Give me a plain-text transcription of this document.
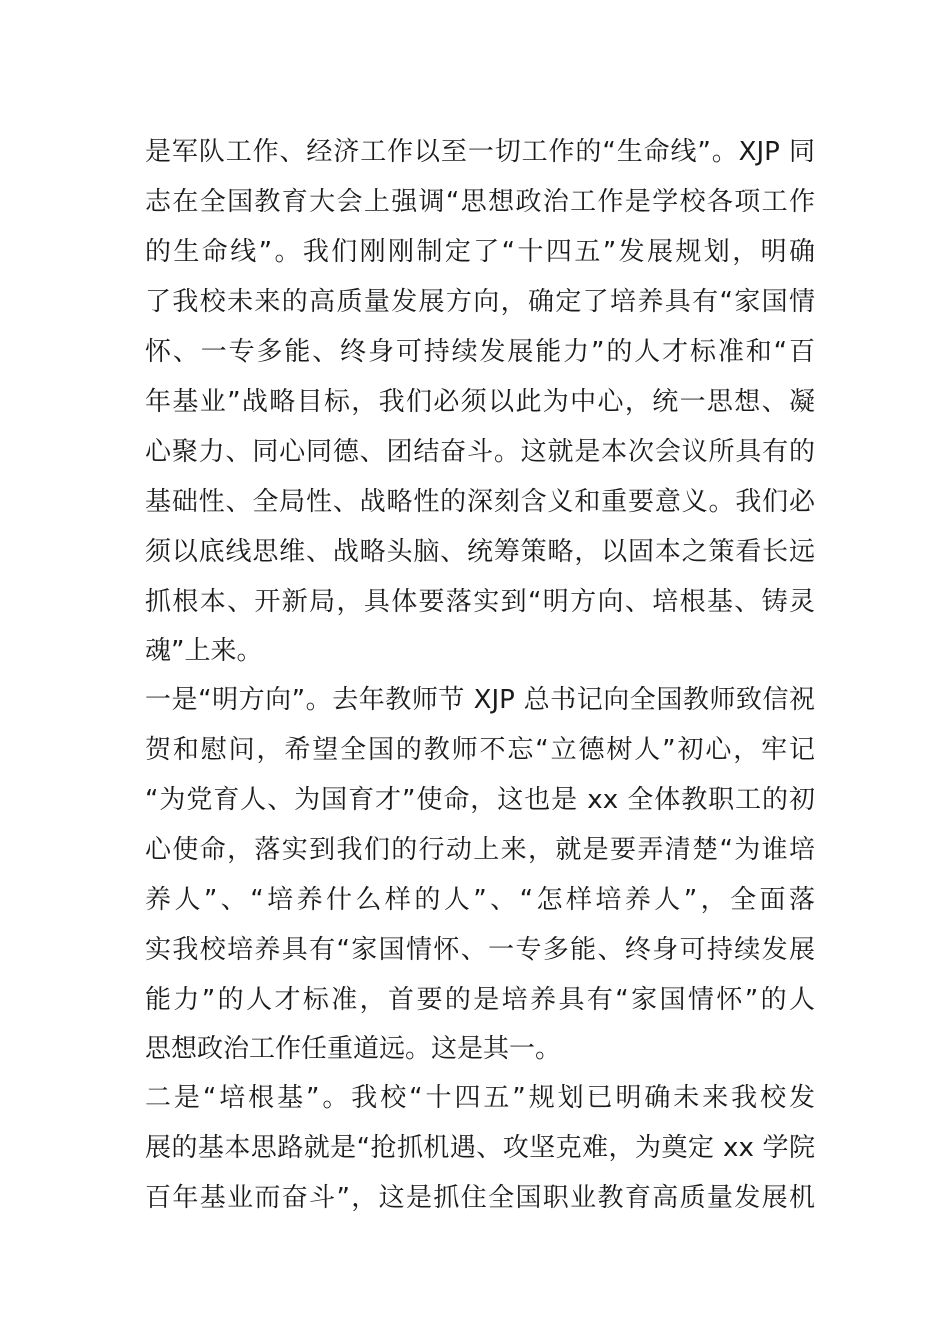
是军队工作、经济工作以至一切工作的“生命线”。XJP 同
志在全国教育大会上强调“思想政治工作是学校各项工作
的生命线”。我们刚刚制定了“十四五”发展规划，明确
了我校未来的高质量发展方向，确定了培养具有“家国情
怀、一专多能、终身可持续发展能力”的人才标准和“百
年基业”战略目标，我们必须以此为中心，统一思想、凝
心聚力、同心同德、团结奋斗。这就是本次会议所具有的
基础性、全局性、战略性的深刻含义和重要意义。我们必
须以底线思维、战略头脑、统筹策略，以固本之策看长远
抓根本、开新局，具体要落实到“明方向、培根基、铸灵
魂”上来。
一是“明方向”。去年教师节 XJP 总书记向全国教师致信祝
贺和慰问，希望全国的教师不忘“立德树人”初心，牢记
“为党育人、为国育才”使命，这也是 xx 全体教职工的初
心使命，落实到我们的行动上来，就是要弄清楚“为谁培
养人”、“培养什么样的人”、“怎样培养人”，全面落
实我校培养具有“家国情怀、一专多能、终身可持续发展
能力”的人才标准，首要的是培养具有“家国情怀”的人
思想政治工作任重道远。这是其一。
二是“培根基”。我校“十四五”规划已明确未来我校发
展的基本思路就是“抢抓机遇、攻坚克难，为奠定 xx 学院
百年基业而奋斗”，这是抓住全国职业教育高质量发展机
